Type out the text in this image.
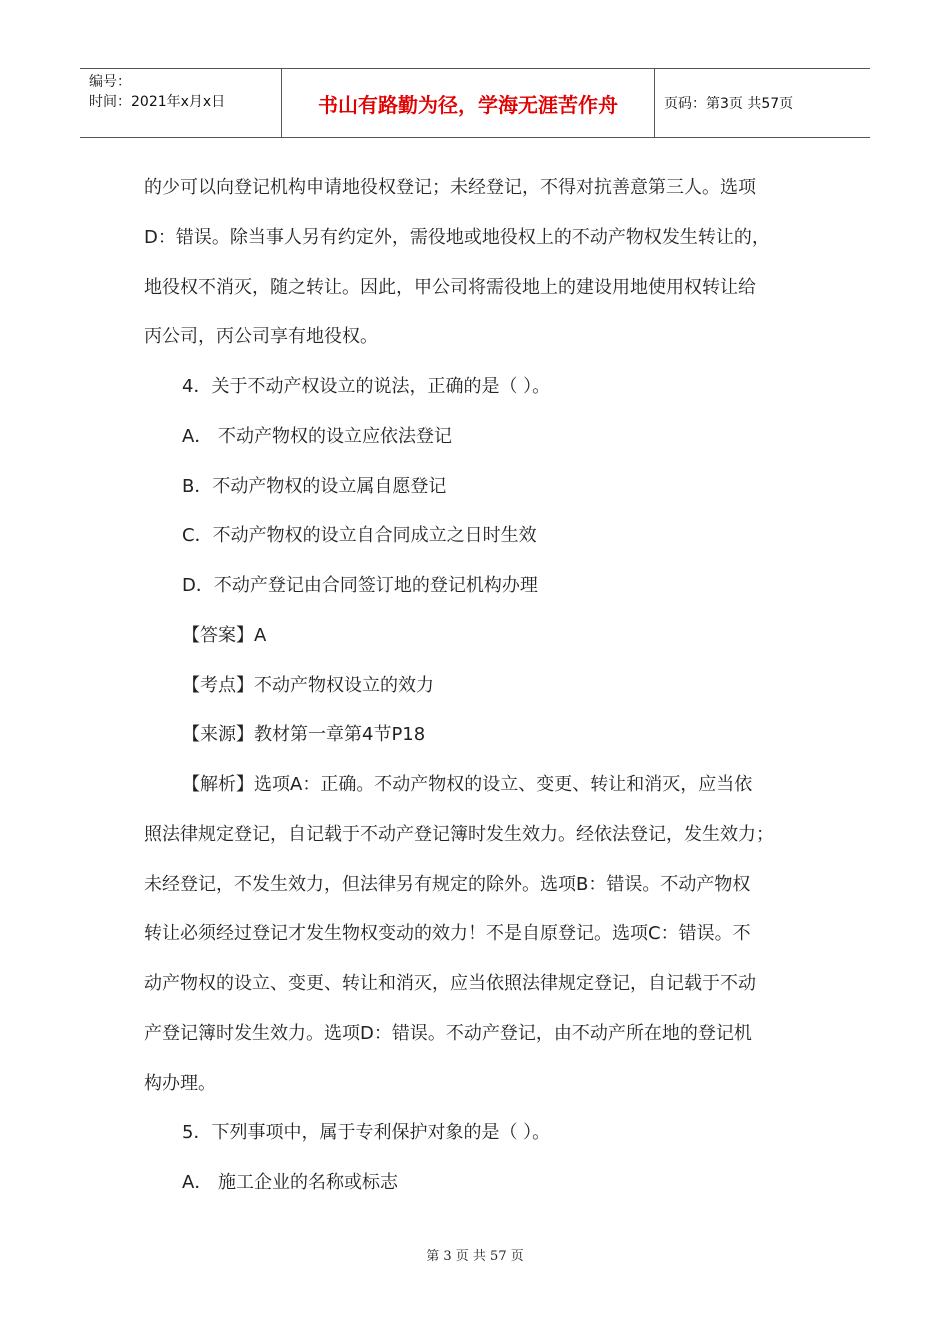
编号：
时间：2021年x月x日	书山有路勤为径，学海无涯苦作舟	页码：第3页 共57页
的少可以向登记机构申请地役权登记；未经登记，不得对抗善意第三人。选项
D：错误。除当事人另有约定外，需役地或地役权上的不动产物权发生转让的，
地役权不消灭，随之转让。因此，甲公司将需役地上的建设用地使用权转让给
丙公司，丙公司享有地役权。
4．关于不动产权设立的说法，正确的是（ ）。
A． 不动产物权的设立应依法登记
B．不动产物权的设立属自愿登记
C．不动产物权的设立自合同成立之日时生效
D．不动产登记由合同签订地的登记机构办理
【答案】A
【考点】不动产物权设立的效力
【来源】教材第一章第4节P18
【解析】选项A：正确。不动产物权的设立、变更、转让和消灭，应当依
照法律规定登记，自记载于不动产登记簿时发生效力。经依法登记，发生效力；
未经登记，不发生效力，但法律另有规定的除外。选项B：错误。不动产物权
转让必须经过登记才发生物权变动的效力！不是自原登记。选项C：错误。不
动产物权的设立、变更、转让和消灭，应当依照法律规定登记，自记载于不动
产登记簿时发生效力。选项D：错误。不动产登记，由不动产所在地的登记机
构办理。
5．下列事项中，属于专利保护对象的是（ ）。
A． 施工企业的名称或标志
第 3 页 共 57 页
